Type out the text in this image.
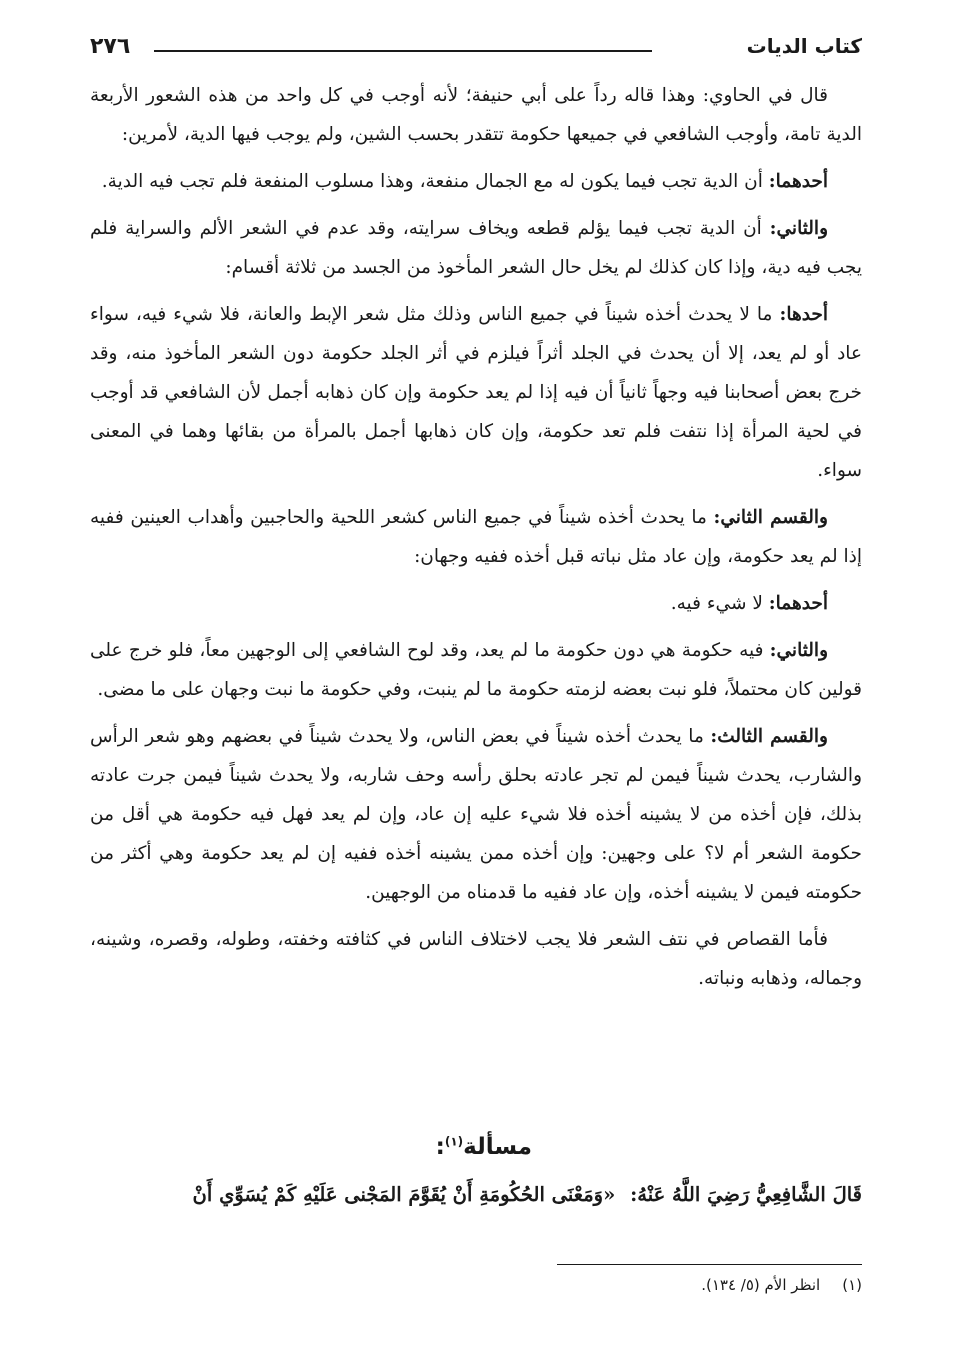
كتاب الديات
٢٧٦

قال في الحاوي: وهذا قاله رداً على أبي حنيفة؛ لأنه أوجب في كل واحد من هذه الشعور الأربعة الدية تامة، وأوجب الشافعي في جميعها حكومة تتقدر بحسب الشين، ولم يوجب فيها الدية، لأمرين:

أحدهما: أن الدية تجب فيما يكون له مع الجمال منفعة، وهذا مسلوب المنفعة فلم تجب فيه الدية.

والثاني: أن الدية تجب فيما يؤلم قطعه ويخاف سرايته، وقد عدم في الشعر الألم والسراية فلم يجب فيه دية، وإذا كان كذلك لم يخل حال الشعر المأخوذ من الجسد من ثلاثة أقسام:

أحدها: ما لا يحدث أخذه شيناً في جميع الناس وذلك مثل شعر الإبط والعانة، فلا شيء فيه، سواء عاد أو لم يعد، إلا أن يحدث في الجلد أثراً فيلزم في أثر الجلد حكومة دون الشعر المأخوذ منه، وقد خرج بعض أصحابنا فيه وجهاً ثانياً أن فيه إذا لم يعد حكومة وإن كان ذهابه أجمل لأن الشافعي قد أوجب في لحية المرأة إذا نتفت فلم تعد حكومة، وإن كان ذهابها أجمل بالمرأة من بقائها وهما في المعنى سواء.

والقسم الثاني: ما يحدث أخذه شيناً في جميع الناس كشعر اللحية والحاجبين وأهداب العينين ففيه إذا لم يعد حكومة، وإن عاد مثل نباته قبل أخذه ففيه وجهان:

أحدهما: لا شيء فيه.

والثاني: فيه حكومة هي دون حكومة ما لم يعد، وقد لوح الشافعي إلى الوجهين معاً، فلو خرج على قولين كان محتملاً، فلو نبت بعضه لزمته حكومة ما لم ينبت، وفي حكومة ما نبت وجهان على ما مضى.

والقسم الثالث: ما يحدث أخذه شيناً في بعض الناس، ولا يحدث شيناً في بعضهم وهو شعر الرأس والشارب، يحدث شيناً فيمن لم تجر عادته بحلق رأسه وحف شاربه، ولا يحدث شيناً فيمن جرت عادته بذلك، فإن أخذه من لا يشينه أخذه فلا شيء عليه إن عاد، وإن لم يعد فهل فيه حكومة هي أقل من حكومة الشعر أم لا؟ على وجهين: وإن أخذه ممن يشينه أخذه ففيه إن لم يعد حكومة وهي أكثر من حكومته فيمن لا يشينه أخذه، وإن عاد ففيه ما قدمناه من الوجهين.

فأما القصاص في نتف الشعر فلا يجب لاختلاف الناس في كثافته وخفته، وطوله، وقصره، وشينه، وجماله، وذهابه ونباته.

مسألة$^{(١)}$:
قَالَ الشَّافِعِيُّ رَضِيَ اللَّهُ عَنْهُ: «وَمَعْنَى الحُكُومَةِ أَنْ يُقَوَّمَ المَجْنى عَلَيْهِ كَمْ يُسَوِّي أَنْ
(١)انظر الأم (٥/ ١٣٤).
